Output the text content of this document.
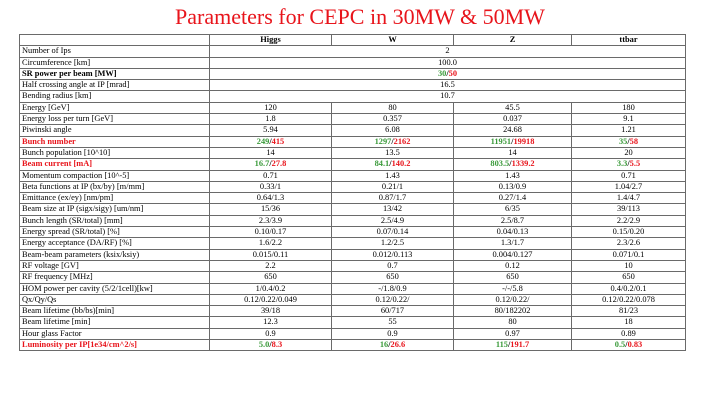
Parameters for CEPC in 30MW & 50MW
	Higgs	W	Z	ttbar
Number of Ips	2			
Circumference [km]	100.0			
SR power per beam [MW]	30/50			
Half crossing angle at IP [mrad]	16.5			
Bending radius [km]	10.7			
Energy [GeV]	120	80	45.5	180
Energy loss per turn [GeV]	1.8	0.357	0.037	9.1
Piwinski angle	5.94	6.08	24.68	1.21
Bunch number	249/415	1297/2162	11951/19918	35/58
Bunch population [10^10]	14	13.5	14	20
Beam current [mA]	16.7/27.8	84.1/140.2	803.5/1339.2	3.3/5.5
Momentum compaction [10^-5]	0.71	1.43	1.43	0.71
Beta functions at IP (bx/by) [m/mm]	0.33/1	0.21/1	0.13/0.9	1.04/2.7
Emittance (ex/ey) [nm/pm]	0.64/1.3	0.87/1.7	0.27/1.4	1.4/4.7
Beam size at IP (sigx/sigy) [um/nm]	15/36	13/42	6/35	39/113
Bunch length (SR/total) [mm]	2.3/3.9	2.5/4.9	2.5/8.7	2.2/2.9
Energy spread (SR/total) [%]	0.10/0.17	0.07/0.14	0.04/0.13	0.15/0.20
Energy acceptance (DA/RF) [%]	1.6/2.2	1.2/2.5	1.3/1.7	2.3/2.6
Beam-beam parameters (ksix/ksiy)	0.015/0.11	0.012/0.113	0.004/0.127	0.071/0.1
RF voltage [GV]	2.2	0.7	0.12	10
RF frequency [MHz]	650	650	650	650
HOM power per cavity (5/2/1cell)[kw]	1/0.4/0.2	-/1.8/0.9	-/-/5.8	0.4/0.2/0.1
Qx/Qy/Qs	0.12/0.22/0.049	0.12/0.22/	0.12/0.22/	0.12/0.22/0.078
Beam lifetime (bb/bs)[min]	39/18	60/717	80/182202	81/23
Beam lifetime [min]	12.3	55	80	18
Hour glass Factor	0.9	0.9	0.97	0.89
Luminosity per IP[1e34/cm^2/s]	5.0/8.3	16/26.6	115/191.7	0.5/0.83
